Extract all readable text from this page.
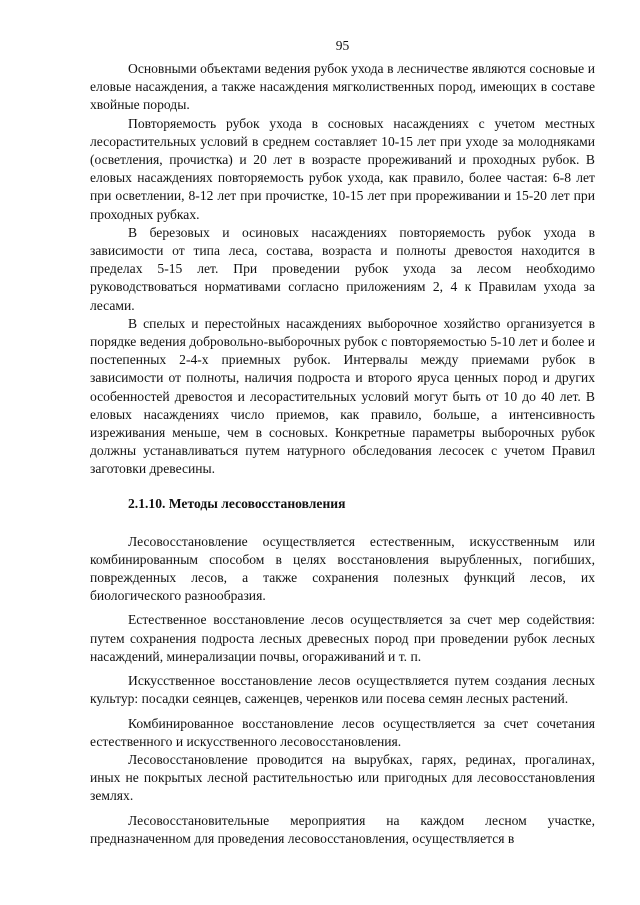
95

Основными объектами ведения рубок ухода в лесничестве являются сосновые и еловые насаждения, а также насаждения мягколиственных пород, имеющих в составе хвойные породы.

Повторяемость рубок ухода в сосновых насаждениях с учетом местных лесорастительных условий в среднем составляет 10-15 лет при уходе за молодняками (осветления, прочистка) и 20 лет в возрасте прореживаний и проходных рубок. В еловых насаждениях повторяемость рубок ухода, как правило, более частая: 6-8 лет при осветлении, 8-12 лет при прочистке, 10-15 лет при прореживании и 15-20 лет при проходных рубках.

В березовых и осиновых насаждениях повторяемость рубок ухода в зависимости от типа леса, состава, возраста и полноты древостоя находится в пределах 5-15 лет. При проведении рубок ухода за лесом необходимо руководствоваться нормативами согласно приложениям 2, 4 к Правилам ухода за лесами.

В спелых и перестойных насаждениях выборочное хозяйство организуется в порядке ведения добровольно-выборочных рубок с повторяемостью 5-10 лет и более и постепенных 2-4-х приемных рубок. Интервалы между приемами рубок в зависимости от полноты, наличия подроста и второго яруса ценных пород и других особенностей древостоя и лесорастительных условий могут быть от 10 до 40 лет. В еловых насаждениях число приемов, как правило, больше, а интенсивность изреживания меньше, чем в сосновых. Конкретные параметры выборочных рубок должны устанавливаться путем натурного обследования лесосек с учетом Правил заготовки древесины.

2.1.10. Методы лесовосстановления

Лесовосстановление осуществляется естественным, искусственным или комбинированным способом в целях восстановления вырубленных, погибших, поврежденных лесов, а также сохранения полезных функций лесов, их биологического разнообразия.

Естественное восстановление лесов осуществляется за счет мер содействия: путем сохранения подроста лесных древесных пород при проведении рубок лесных насаждений, минерализации почвы, огораживаний и т. п.

Искусственное восстановление лесов осуществляется путем создания лесных культур: посадки сеянцев, саженцев, черенков или посева семян лесных растений.

Комбинированное восстановление лесов осуществляется за счет сочетания естественного и искусственного лесовосстановления.

Лесовосстановление проводится на вырубках, гарях, рединах, прогалинах, иных не покрытых лесной растительностью или пригодных для лесовосстановления землях.

Лесовосстановительные мероприятия на каждом лесном участке, предназначенном для проведения лесовосстановления, осуществляется в
